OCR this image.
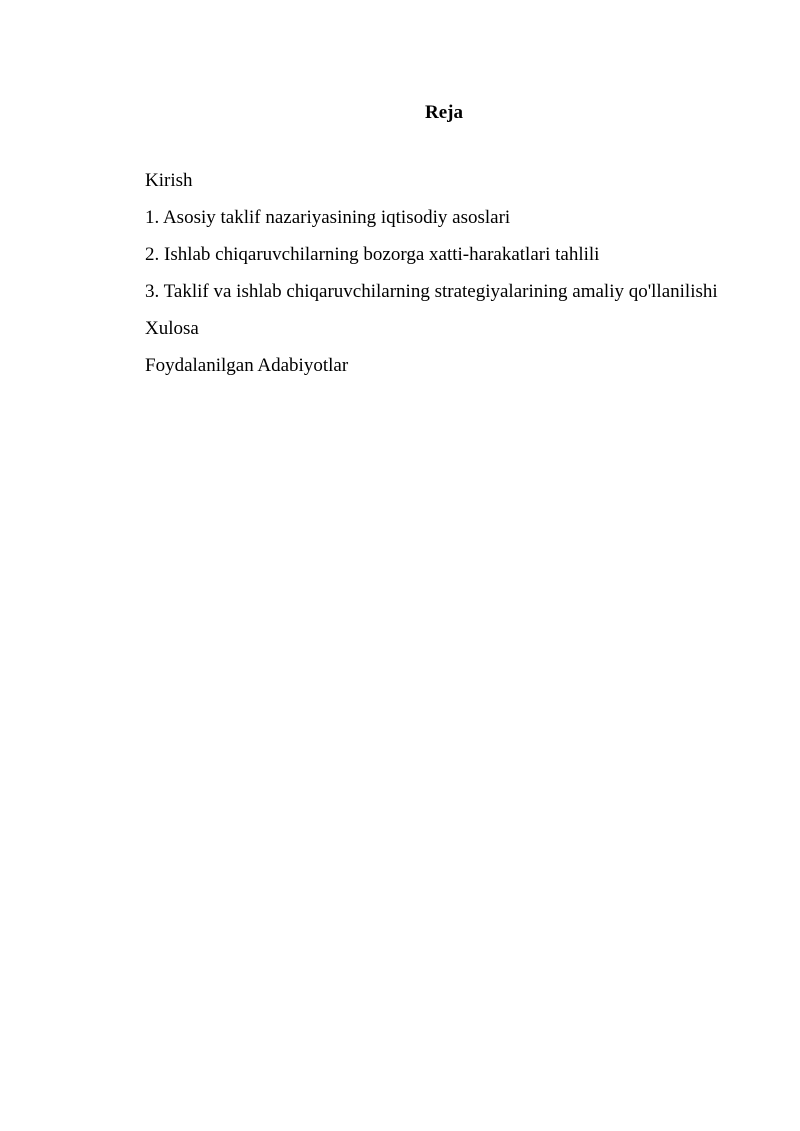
Reja

Kirish

1. Asosiy taklif nazariyasining iqtisodiy asoslari

2. Ishlab chiqaruvchilarning bozorga xatti-harakatlari tahlili

3. Taklif va ishlab chiqaruvchilarning strategiyalarining amaliy qo'llanilishi

Xulosa

Foydalanilgan Adabiyotlar
